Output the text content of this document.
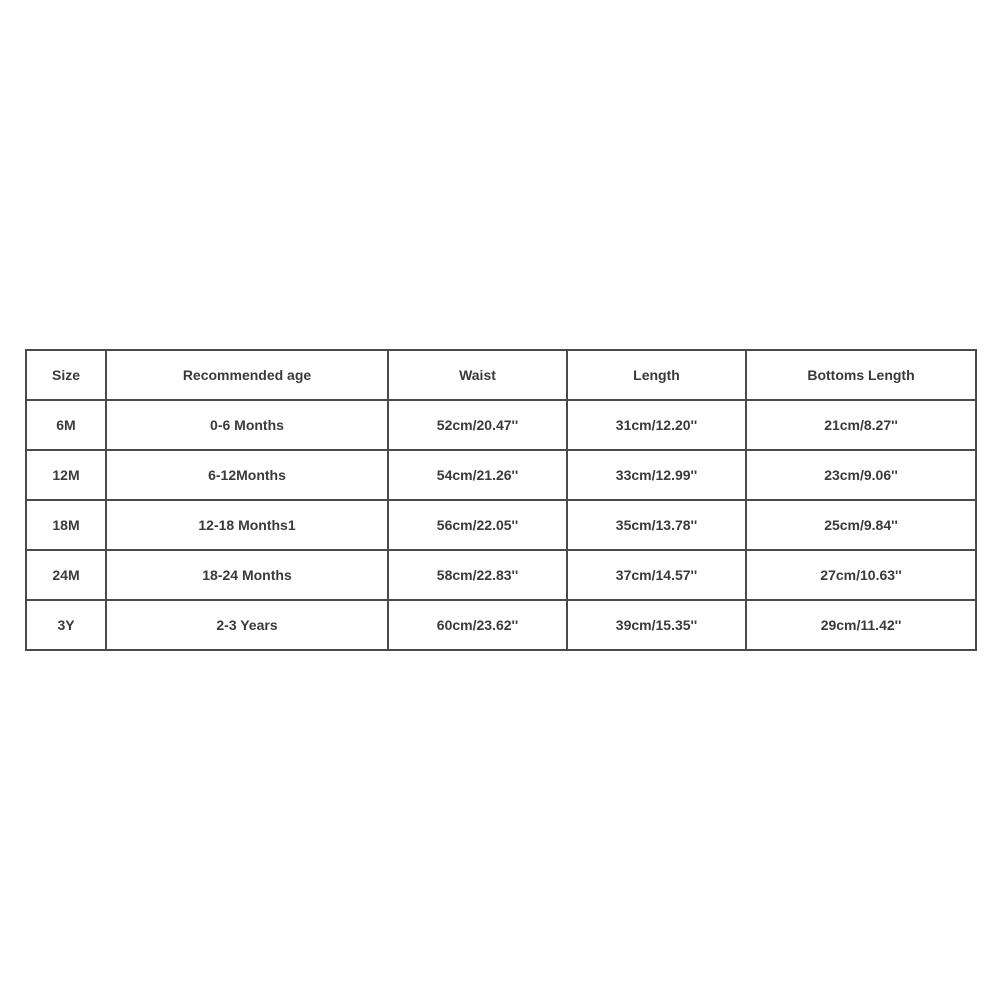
Size	Recommended age	Waist	Length	Bottoms Length
6M	0-6 Months	52cm/20.47''	31cm/12.20''	21cm/8.27''
12M	6-12Months	54cm/21.26''	33cm/12.99''	23cm/9.06''
18M	12-18 Months1	56cm/22.05''	35cm/13.78''	25cm/9.84''
24M	18-24 Months	58cm/22.83''	37cm/14.57''	27cm/10.63''
3Y	2-3 Years	60cm/23.62''	39cm/15.35''	29cm/11.42''
